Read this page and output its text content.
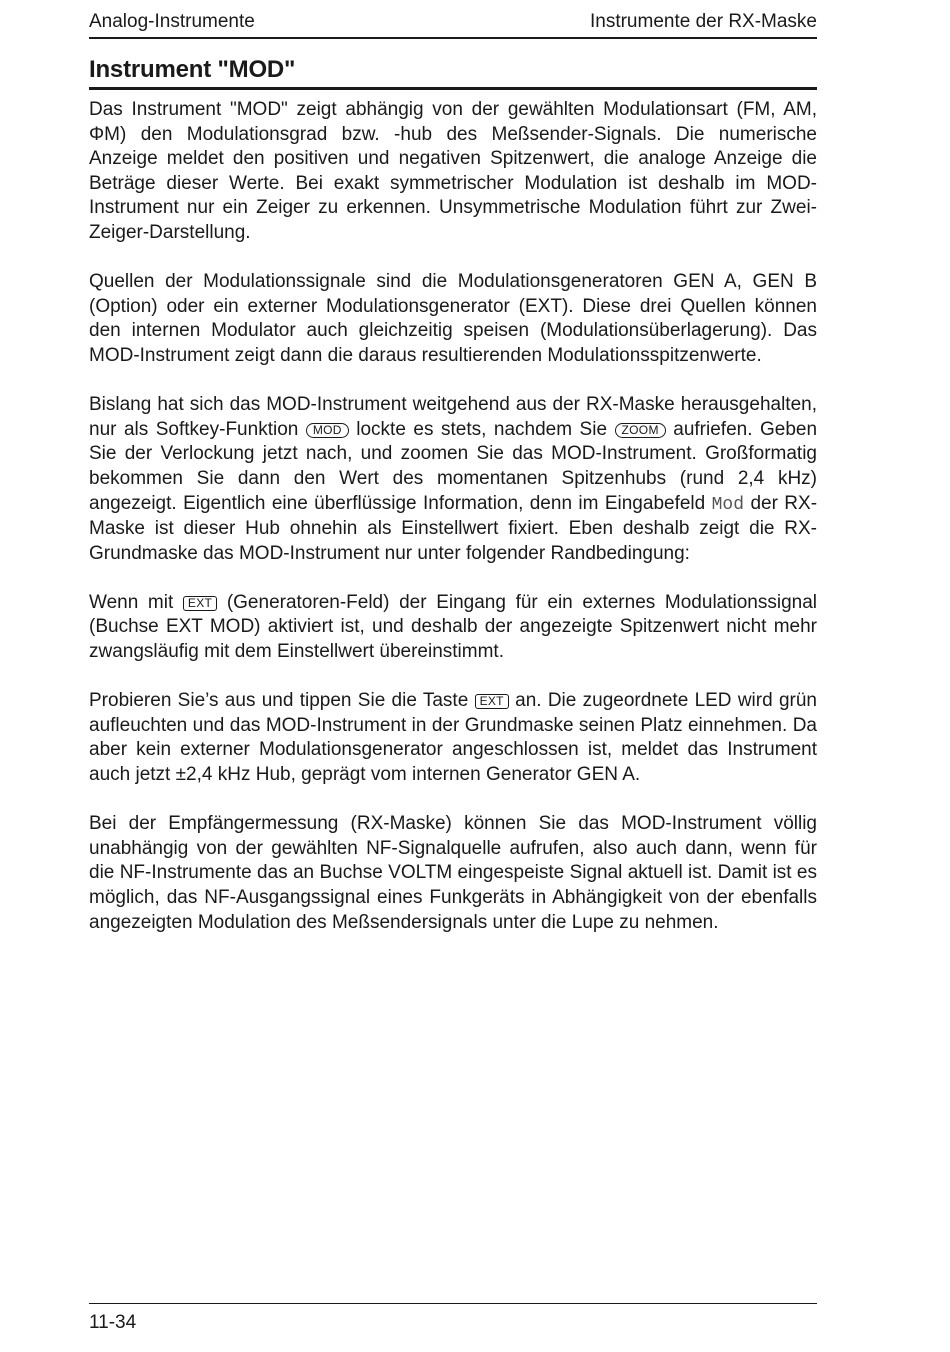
Analog-Instrumente	Instrumente der RX-Maske
Instrument "MOD"

Das Instrument "MOD" zeigt abhängig von der gewählten Modulationsart (FM, AM, ΦM) den Modulationsgrad bzw. -hub des Meßsender-Signals. Die numerische Anzeige meldet den positiven und negativen Spitzenwert, die analoge Anzeige die Beträge dieser Werte. Bei exakt symmetrischer Modulation ist deshalb im MOD-Instrument nur ein Zeiger zu erkennen. Unsymmetrische Modulation führt zur Zwei-Zeiger-Darstellung.

Quellen der Modulationssignale sind die Modulationsgeneratoren GEN A, GEN B (Option) oder ein externer Modulationsgenerator (EXT). Diese drei Quellen können den internen Modulator auch gleichzeitig speisen (Modulationsüberlagerung). Das MOD-Instrument zeigt dann die daraus resultierenden Modulationsspitzenwerte.

Bislang hat sich das MOD-Instrument weitgehend aus der RX-Maske herausgehalten, nur als Softkey-Funktion MOD lockte es stets, nachdem Sie ZOOM aufriefen. Geben Sie der Verlockung jetzt nach, und zoomen Sie das MOD-Instrument. Großformatig bekommen Sie dann den Wert des momentanen Spitzenhubs (rund 2,4 kHz) angezeigt. Eigentlich eine überflüssige Information, denn im Eingabefeld Mod der RX-Maske ist dieser Hub ohnehin als Einstellwert fixiert. Eben deshalb zeigt die RX-Grundmaske das MOD-Instrument nur unter folgender Randbedingung:

Wenn mit EXT (Generatoren-Feld) der Eingang für ein externes Modulationssignal (Buchse EXT MOD) aktiviert ist, und deshalb der angezeigte Spitzenwert nicht mehr zwangsläufig mit dem Einstellwert übereinstimmt.

Probieren Sie’s aus und tippen Sie die Taste EXT an. Die zugeordnete LED wird grün aufleuchten und das MOD-Instrument in der Grundmaske seinen Platz einnehmen. Da aber kein externer Modulationsgenerator angeschlossen ist, meldet das Instrument auch jetzt ±2,4 kHz Hub, geprägt vom internen Generator GEN A.

Bei der Empfängermessung (RX-Maske) können Sie das MOD-Instrument völlig unabhängig von der gewählten NF-Signalquelle aufrufen, also auch dann, wenn für die NF-Instrumente das an Buchse VOLTM eingespeiste Signal aktuell ist. Damit ist es möglich, das NF-Ausgangssignal eines Funkgeräts in Abhängigkeit von der ebenfalls angezeigten Modulation des Meßsendersignals unter die Lupe zu nehmen.

11-34
